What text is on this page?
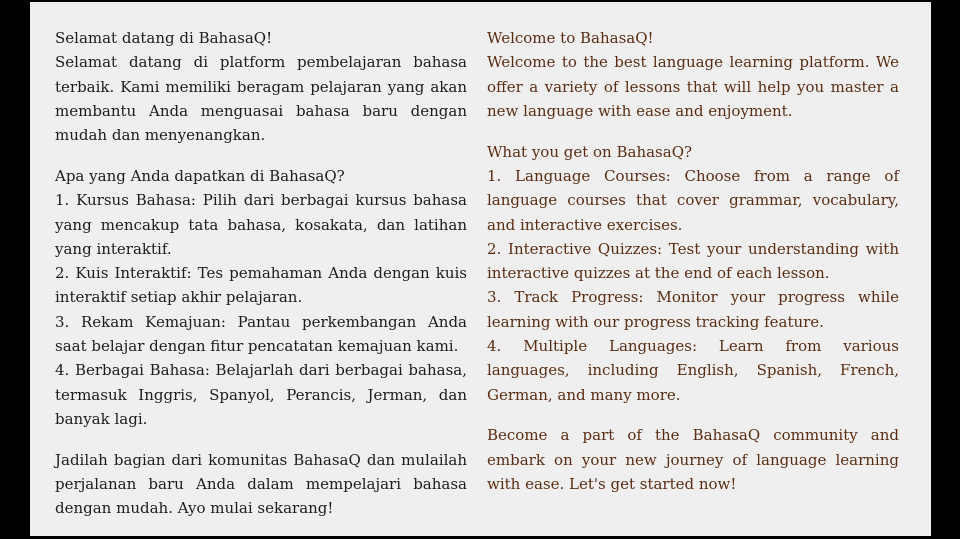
Selamat datang di BahasaQ!

Selamat datang di platform pembelajaran bahasa terbaik. Kami memiliki beragam pelajaran yang akan membantu Anda menguasai bahasa baru dengan mudah dan menyenangkan.

Apa yang Anda dapatkan di BahasaQ?

1. Kursus Bahasa: Pilih dari berbagai kursus bahasa yang mencakup tata bahasa, kosakata, dan latihan yang interaktif.

2. Kuis Interaktif: Tes pemahaman Anda dengan kuis interaktif setiap akhir pelajaran.

3. Rekam Kemajuan: Pantau perkembangan Anda saat belajar dengan fitur pencatatan kemajuan kami.

4. Berbagai Bahasa: Belajarlah dari berbagai bahasa, termasuk Inggris, Spanyol, Perancis, Jerman, dan banyak lagi.

Jadilah bagian dari komunitas BahasaQ dan mulailah perjalanan baru Anda dalam mempelajari bahasa dengan mudah. Ayo mulai sekarang!

Welcome to BahasaQ!

Welcome to the best language learning platform. We offer a variety of lessons that will help you master a new language with ease and enjoyment.

What you get on BahasaQ?

1. Language Courses: Choose from a range of language courses that cover grammar, vocabulary, and interactive exercises.

2. Interactive Quizzes: Test your understanding with interactive quizzes at the end of each lesson.

3. Track Progress: Monitor your progress while learning with our progress tracking feature.

4. Multiple Languages: Learn from various languages, including English, Spanish, French, German, and many more.

Become a part of the BahasaQ community and embark on your new journey of language learning with ease. Let's get started now!
